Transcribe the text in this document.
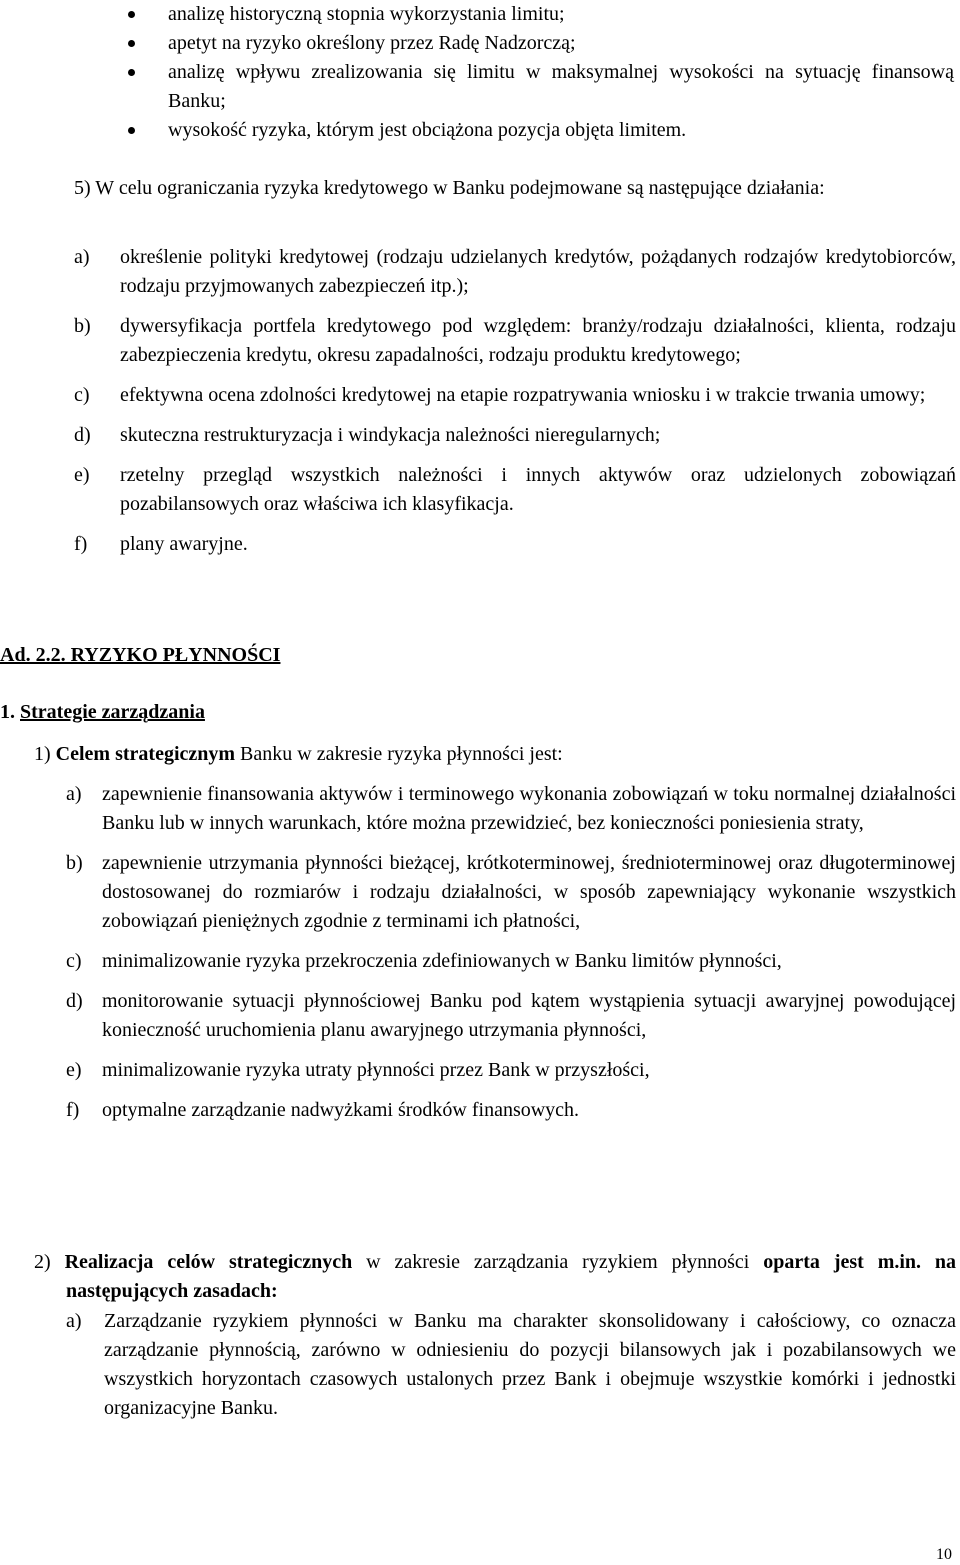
analizę historyczną stopnia wykorzystania limitu;
apetyt na ryzyko określony przez Radę Nadzorczą;
analizę wpływu zrealizowania się limitu w maksymalnej wysokości na sytuację finansową Banku;
wysokość ryzyka, którym jest obciążona pozycja objęta limitem.
5) W celu ograniczania ryzyka kredytowego w Banku podejmowane są następujące działania:
a) określenie polityki kredytowej (rodzaju udzielanych kredytów, pożądanych rodzajów kredytobiorców, rodzaju przyjmowanych zabezpieczeń itp.);
b) dywersyfikacja portfela kredytowego pod względem: branży/rodzaju działalności, klienta, rodzaju zabezpieczenia kredytu, okresu zapadalności, rodzaju produktu kredytowego;
c) efektywna ocena zdolności kredytowej na etapie rozpatrywania wniosku i w trakcie trwania umowy;
d) skuteczna restrukturyzacja i windykacja należności nieregularnych;
e) rzetelny przegląd wszystkich należności i innych aktywów oraz udzielonych zobowiązań pozabilansowych oraz właściwa ich klasyfikacja.
f) plany awaryjne.
Ad. 2.2. RYZYKO PŁYNNOŚCI
1. Strategie zarządzania
1) Celem strategicznym Banku w zakresie ryzyka płynności jest:
a) zapewnienie finansowania aktywów i terminowego wykonania zobowiązań w toku normalnej działalności Banku lub w innych warunkach, które można przewidzieć, bez konieczności poniesienia straty,
b) zapewnienie utrzymania płynności bieżącej, krótkoterminowej, średnioterminowej oraz długoterminowej dostosowanej do rozmiarów i rodzaju działalności, w sposób zapewniający wykonanie wszystkich zobowiązań pieniężnych zgodnie z terminami ich płatności,
c) minimalizowanie ryzyka przekroczenia zdefiniowanych w Banku limitów płynności,
d) monitorowanie sytuacji płynnościowej Banku pod kątem wystąpienia sytuacji awaryjnej powodującej konieczność uruchomienia planu awaryjnego utrzymania płynności,
e) minimalizowanie ryzyka utraty płynności przez Bank w przyszłości,
f) optymalne zarządzanie nadwyżkami środków finansowych.
2) Realizacja celów strategicznych w zakresie zarządzania ryzykiem płynności oparta jest m.in. na następujących zasadach:
a) Zarządzanie ryzykiem płynności w Banku ma charakter skonsolidowany i całościowy, co oznacza zarządzanie płynnością, zarówno w odniesieniu do pozycji bilansowych jak i pozabilansowych we wszystkich horyzontach czasowych ustalonych przez Bank i obejmuje wszystkie komórki i jednostki organizacyjne Banku.
10
